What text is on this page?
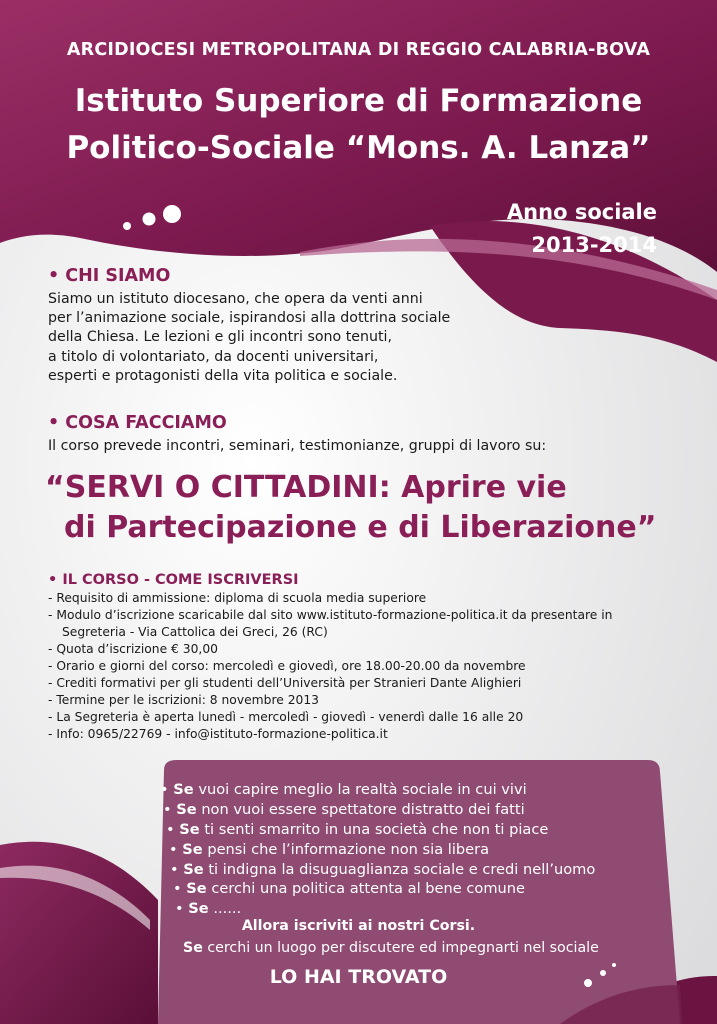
ARCIDIOCESI METROPOLITANA DI REGGIO CALABRIA-BOVA
Istituto Superiore di Formazione
Politico-Sociale “Mons. A. Lanza”
Anno sociale
2013-2014
• CHI SIAMO
Siamo un istituto diocesano, che opera da venti anni
per l’animazione sociale, ispirandosi alla dottrina sociale
della Chiesa. Le lezioni e gli incontri sono tenuti,
a titolo di volontariato, da docenti universitari,
esperti e protagonisti della vita politica e sociale.
• COSA FACCIAMO
Il corso prevede incontri, seminari, testimonianze, gruppi di lavoro su:
“SERVI O CITTADINI: Aprire vie
di Partecipazione e di Liberazione”
• IL CORSO - COME ISCRIVERSI
- Requisito di ammissione: diploma di scuola media superiore
- Modulo d’iscrizione scaricabile dal sito www.istituto-formazione-politica.it da presentare in
Segreteria - Via Cattolica dei Greci, 26 (RC)
- Quota d’iscrizione € 30,00
- Orario e giorni del corso: mercoledì e giovedì, ore 18.00-20.00 da novembre
- Crediti formativi per gli studenti dell’Università per Stranieri Dante Alighieri
- Termine per le iscrizioni: 8 novembre 2013
- La Segreteria è aperta lunedì - mercoledì - giovedì - venerdì dalle 16 alle 20
- Info: 0965/22769 - info@istituto-formazione-politica.it
• Se vuoi capire meglio la realtà sociale in cui vivi
• Se non vuoi essere spettatore distratto dei fatti
• Se ti senti smarrito in una società che non ti piace
• Se pensi che l’informazione non sia libera
• Se ti indigna la disuguaglianza sociale e credi nell’uomo
• Se cerchi una politica attenta al bene comune
• Se ......
Allora iscriviti ai nostri Corsi.
Se cerchi un luogo per discutere ed impegnarti nel sociale
LO HAI TROVATO
